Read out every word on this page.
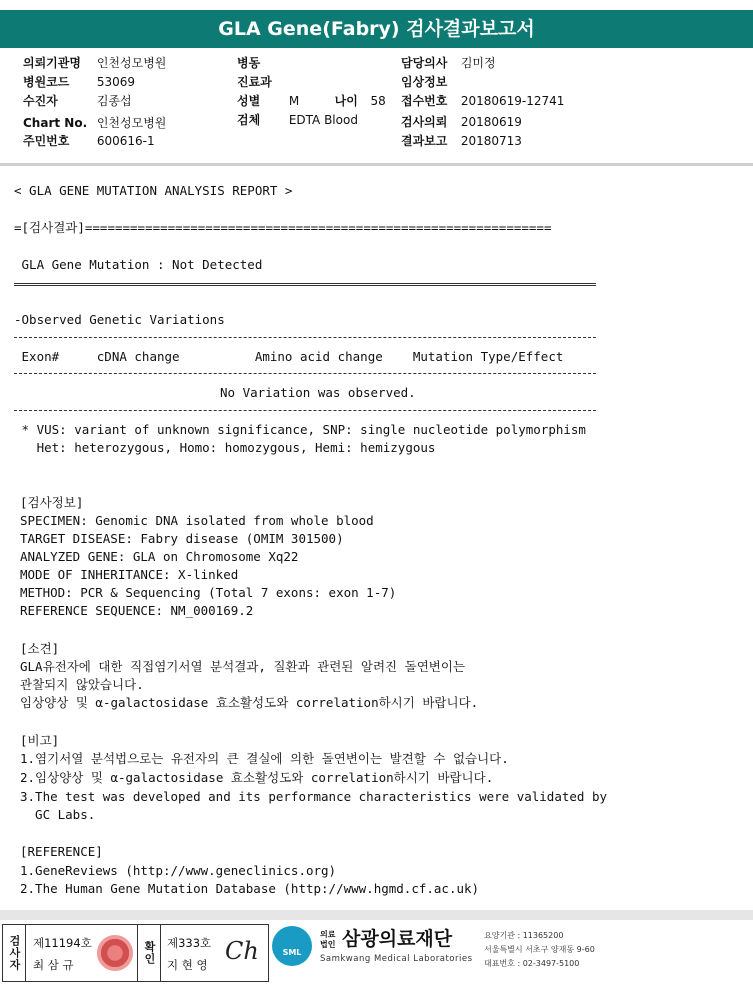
GLA Gene(Fabry) 검사결과보고서
의뢰기관명 인천성모병원
병원코드 53069
수진자	김종섭
Chart No. 인천성모병원
주민번호 600616-1
병동
진료과
성별 M	나이 58
검체 EDTA Blood
담당의사 김미정
임상정보
접수번호 20180619-12741
검사의뢰 20180619
결과보고 20180713
< GLA GENE MUTATION ANALYSIS REPORT >
=[검사결과]==============================================================
GLA Gene Mutation : Not Detected
-Observed Genetic Variations
Exon#     cDNA change          Amino acid change    Mutation Type/Effect
No Variation was observed.
* VUS: variant of unknown significance, SNP: single nucleotide polymorphism
Het: heterozygous, Homo: homozygous, Hemi: hemizygous
[검사정보]
SPECIMEN: Genomic DNA isolated from whole blood
TARGET DISEASE: Fabry disease (OMIM 301500)
ANALYZED GENE: GLA on Chromosome Xq22
MODE OF INHERITANCE: X-linked
METHOD: PCR & Sequencing (Total 7 exons: exon 1-7)
REFERENCE SEQUENCE: NM_000169.2
[소견]
GLA유전자에 대한 직접염기서열 분석결과, 질환과 관련된 알려진 돌연변이는
관찰되지 않았습니다.
임상양상 및 α-galactosidase 효소활성도와 correlation하시기 바랍니다.
[비고]
1.염기서열 분석법으로는 유전자의 큰 결실에 의한 돌연변이는 발견할 수 없습니다.
2.임상양상 및 α-galactosidase 효소활성도와 correlation하시기 바랍니다.
3.The test was developed and its performance characteristics were validated by
GC Labs.
[REFERENCE]
1.GeneReviews (http://www.geneclinics.org)
2.The Human Gene Mutation Database (http://www.hgmd.cf.ac.uk)
검사자	제11194호
최 삼 규	확인 제333호
지 현 영 Ch	SML
의료
법인 삼광의료재단
Samkwang Medical Laboratories
요양기관 : 11365200
서울특별시 서초구 양재동 9-60
대표번호 : 02-3497-5100
